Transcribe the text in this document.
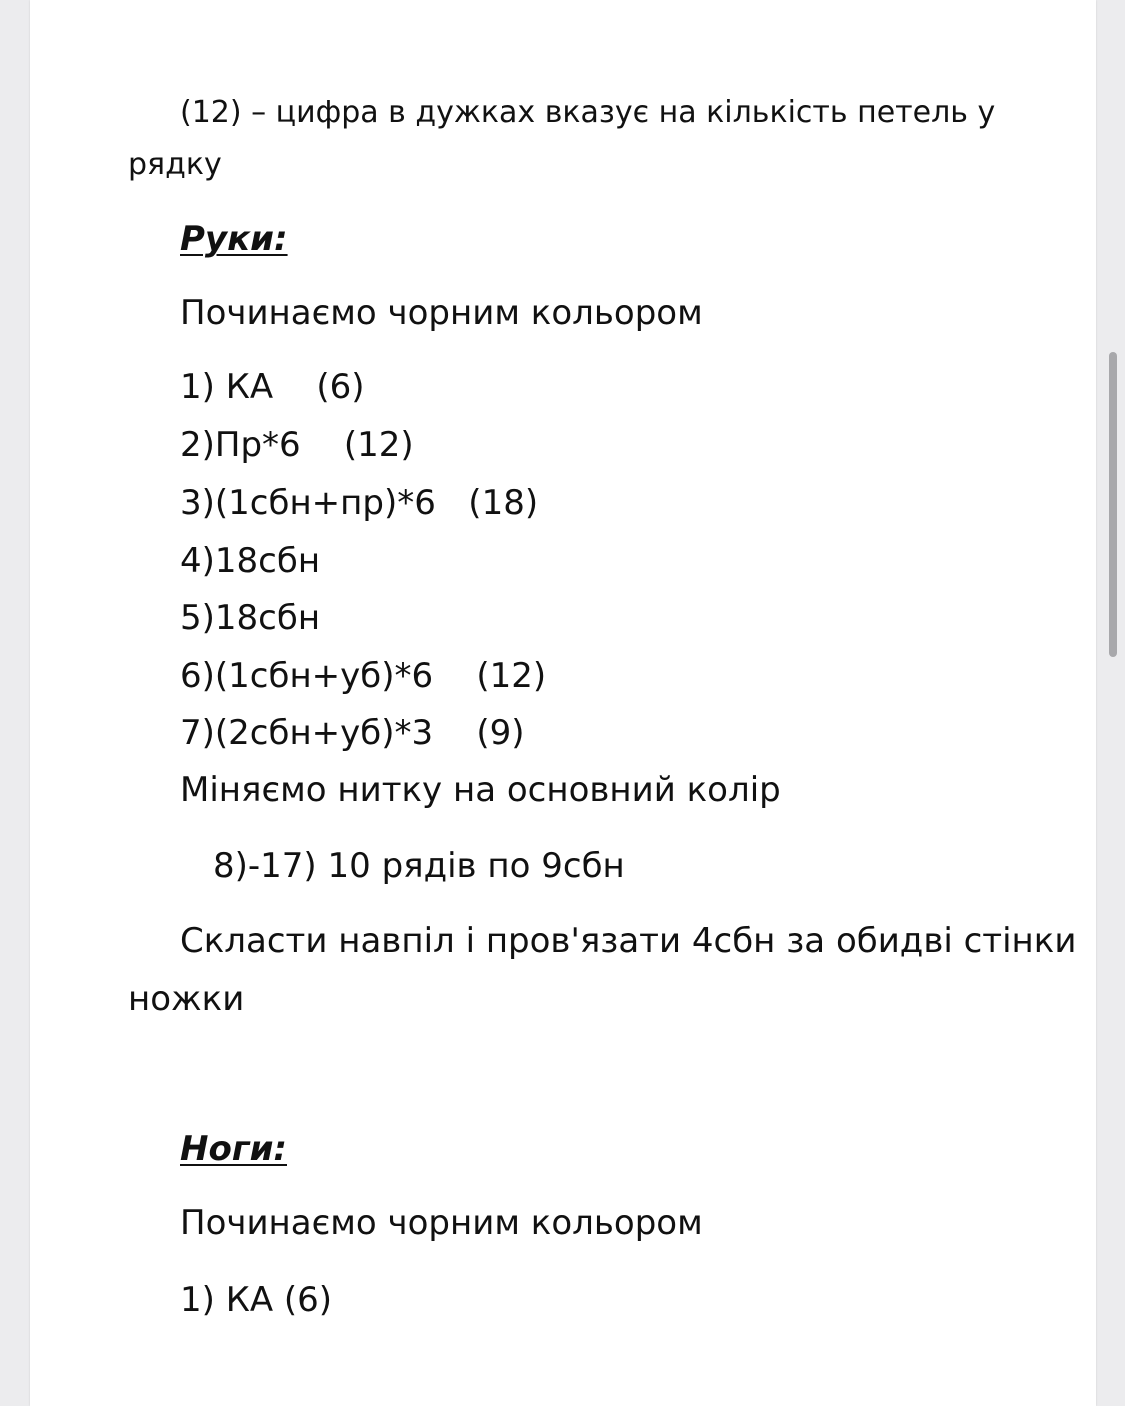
(12) – цифра в дужках вказує на кількість петель у
рядку
Руки:
Починаємо чорним кольором
1) КА    (6)
2)Пр*6    (12)
3)(1сбн+пр)*6   (18)
4)18сбн
5)18сбн
6)(1сбн+уб)*6    (12)
7)(2сбн+уб)*3    (9)
Міняємо нитку на основний колір
8)-17) 10 рядів по 9сбн
Скласти навпіл і пров'язати 4сбн за обидві стінки
ножки
Ноги:
Починаємо чорним кольором
1) КА (6)
